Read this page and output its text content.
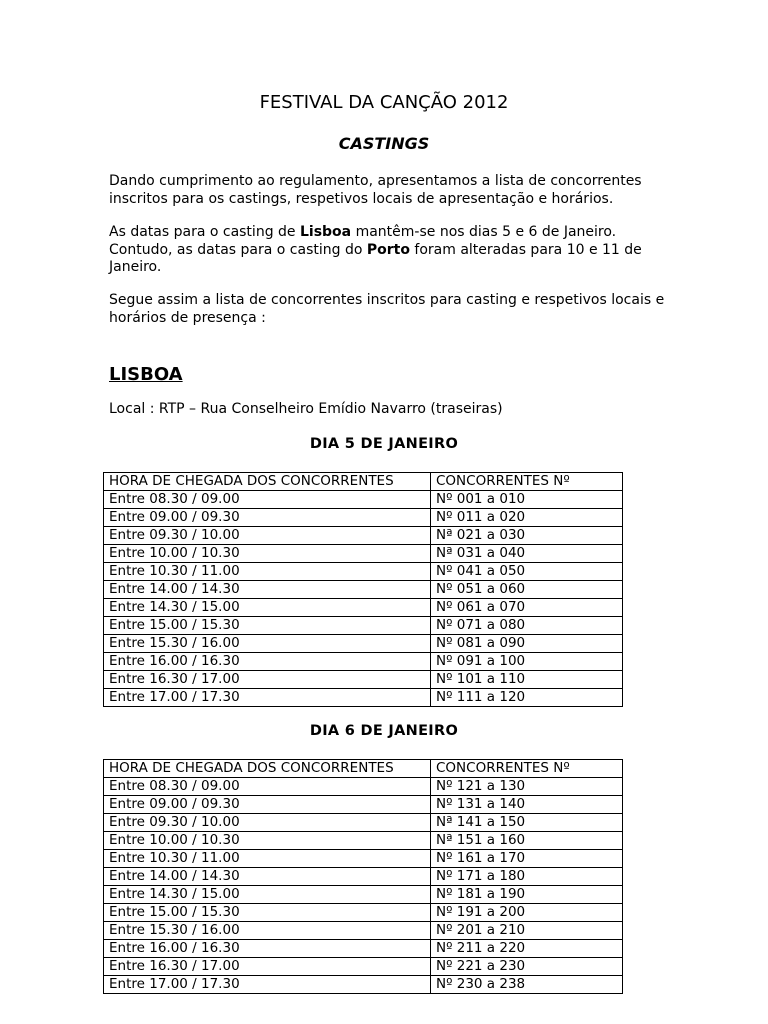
FESTIVAL DA CANÇÃO 2012
CASTINGS

Dando cumprimento ao regulamento, apresentamos a lista de concorrentes inscritos para os castings, respetivos locais de apresentação e horários.

As datas para o casting de Lisboa mantêm-se nos dias 5 e 6 de Janeiro. Contudo, as datas para o casting do Porto foram alteradas para 10 e 11 de Janeiro.

Segue assim a lista de concorrentes inscritos para casting e respetivos locais e horários de presença :

LISBOA

Local : RTP – Rua Conselheiro Emídio Navarro (traseiras)

DIA 5 DE JANEIRO
HORA DE CHEGADA DOS CONCORRENTES	CONCORRENTES Nº
Entre 08.30 / 09.00	Nº 001 a 010
Entre 09.00 / 09.30	Nº 011 a 020
Entre 09.30 / 10.00	Nª 021 a 030
Entre 10.00 / 10.30	Nª 031 a 040
Entre 10.30 / 11.00	Nº 041 a 050
Entre 14.00 / 14.30	Nº 051 a 060
Entre 14.30 / 15.00	Nº 061 a 070
Entre 15.00 / 15.30	Nº 071 a 080
Entre 15.30 / 16.00	Nº 081 a 090
Entre 16.00 / 16.30	Nº 091 a 100
Entre 16.30 / 17.00	Nº 101 a 110
Entre 17.00 / 17.30	Nº 111 a 120
DIA 6 DE JANEIRO
HORA DE CHEGADA DOS CONCORRENTES	CONCORRENTES Nº
Entre 08.30 / 09.00	Nº 121 a 130
Entre 09.00 / 09.30	Nº 131 a 140
Entre 09.30 / 10.00	Nª 141 a 150
Entre 10.00 / 10.30	Nª 151 a 160
Entre 10.30 / 11.00	Nº 161 a 170
Entre 14.00 / 14.30	Nº 171 a 180
Entre 14.30 / 15.00	Nº 181 a 190
Entre 15.00 / 15.30	Nº 191 a 200
Entre 15.30 / 16.00	Nº 201 a 210
Entre 16.00 / 16.30	Nº 211 a 220
Entre 16.30 / 17.00	Nº 221 a 230
Entre 17.00 / 17.30	Nº 230 a 238
